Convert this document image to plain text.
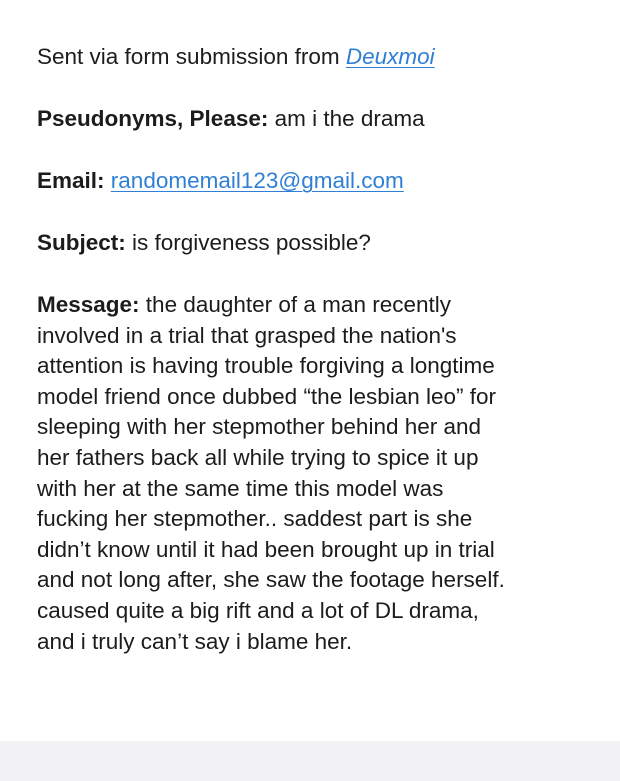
Sent via form submission from Deuxmoi
Pseudonyms, Please: am i the drama
Email: randomemail123@gmail.com
Subject: is forgiveness possible?
Message: the daughter of a man recently
involved in a trial that grasped the nation's
attention is having trouble forgiving a longtime
model friend once dubbed “the lesbian leo” for
sleeping with her stepmother behind her and
her fathers back all while trying to spice it up
with her at the same time this model was
fucking her stepmother.. saddest part is she
didn’t know until it had been brought up in trial
and not long after, she saw the footage herself.
caused quite a big rift and a lot of DL drama,
and i truly can’t say i blame her.
